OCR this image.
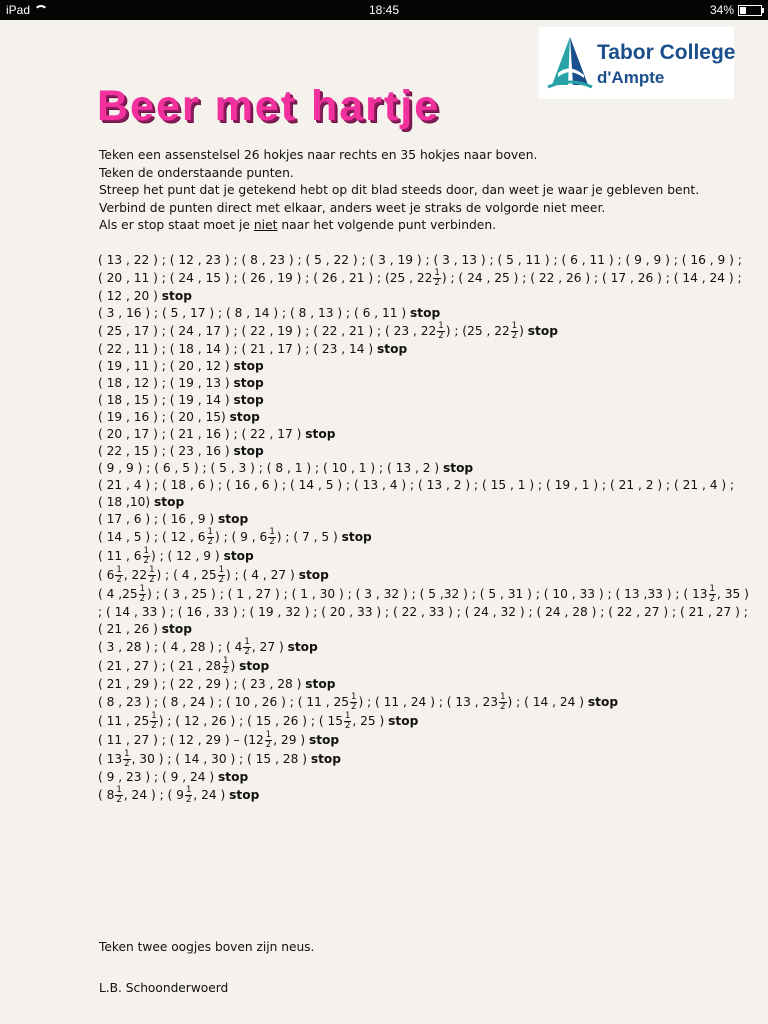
iPad	18:45	34%
Tabor College
d'Ampte
Beer met hartje
Teken een assenstelsel 26 hokjes naar rechts en 35 hokjes naar boven.
Teken de onderstaande punten.
Streep het punt dat je getekend hebt op dit blad steeds door, dan weet je waar je gebleven bent.
Verbind de punten direct met elkaar, anders weet je straks de volgorde niet meer.
Als er stop staat moet je niet naar het volgende punt verbinden.
( 13 , 22 ) ; ( 12 , 23 ) ; ( 8 , 23 ) ; ( 5 , 22 ) ; ( 3 , 19 ) ; ( 3 , 13 ) ; ( 5 , 11 ) ; ( 6 , 11 ) ; ( 9 , 9 ) ; ( 16 , 9 ) ;
( 20 , 11 ) ; ( 24 , 15 ) ; ( 26 , 19 ) ; ( 26 , 21 ) ; (25 , $22 \frac{1}{2}$ ) ; ( 24 , 25 ) ; ( 22 , 26 ) ; ( 17 , 26 ) ; ( 14 , 24 ) ;
( 12 , 20 ) stop
( 3 , 16 ) ; ( 5 , 17 ) ; ( 8 , 14 ) ; ( 8 , 13 ) ; ( 6 , 11 ) stop
( 25 , 17 ) ; ( 24 , 17 ) ; ( 22 , 19 ) ; ( 22 , 21 ) ; ( 23 , $22 \frac{1}{2}$ ) ; (25 , $22 \frac{1}{2}$ ) stop
( 22 , 11 ) ; ( 18 , 14 ) ; ( 21 , 17 ) ; ( 23 , 14 ) stop
( 19 , 11 ) ; ( 20 , 12 ) stop
( 18 , 12 ) ; ( 19 , 13 ) stop
( 18 , 15 ) ; ( 19 , 14 ) stop
( 19 , 16 ) ; ( 20 , 15) stop
( 20 , 17 ) ; ( 21 , 16 ) ; ( 22 , 17 ) stop
( 22 , 15 ) ; ( 23 , 16 ) stop
( 9 , 9 ) ; ( 6 , 5 ) ; ( 5 , 3 ) ; ( 8 , 1 ) ; ( 10 , 1 ) ; ( 13 , 2 ) stop
( 21 , 4 ) ; ( 18 , 6 ) ; ( 16 , 6 ) ; ( 14 , 5 ) ; ( 13 , 4 ) ; ( 13 , 2 ) ; ( 15 , 1 ) ; ( 19 , 1 ) ; ( 21 , 2 ) ; ( 21 , 4 ) ;
( 18 ,10) stop
( 17 , 6 ) ; ( 16 , 9 ) stop
( 14 , 5 ) ; ( 12 , $6 \frac{1}{2}$ ) ; ( 9 , $6 \frac{1}{2}$ ) ; ( 7 , 5 ) stop
( 11 , $6 \frac{1}{2}$ ) ; ( 12 , 9 ) stop
( $6 \frac{1}{2}$ , $22 \frac{1}{2}$ ) ; ( 4 , $25 \frac{1}{2}$ ) ; ( 4 , 27 ) stop
( 4 $,25 \frac{1}{2}$ ) ; ( 3 , 25 ) ; ( 1 , 27 ) ; ( 1 , 30 ) ; ( 3 , 32 ) ; ( 5 ,32 ) ; ( 5 , 31 ) ; ( 10 , 33 ) ; ( 13 ,33 ) ; ( $13 \frac{1}{2}$ , 35 )
; ( 14 , 33 ) ; ( 16 , 33 ) ; ( 19 , 32 ) ; ( 20 , 33 ) ; ( 22 , 33 ) ; ( 24 , 32 ) ; ( 24 , 28 ) ; ( 22 , 27 ) ; ( 21 , 27 ) ;
( 21 , 26 ) stop
( 3 , 28 ) ; ( 4 , 28 ) ; ( $4 \frac{1}{2}$ , 27 ) stop
( 21 , 27 ) ; ( 21 , $28 \frac{1}{2}$ ) stop
( 21 , 29 ) ; ( 22 , 29 ) ; ( 23 , 28 ) stop
( 8 , 23 ) ; ( 8 , 24 ) ; ( 10 , 26 ) ; ( 11 , $25 \frac{1}{2}$ ) ; ( 11 , 24 ) ; ( 13 , $23 \frac{1}{2}$ ) ; ( 14 , 24 ) stop
( 11 , $25 \frac{1}{2}$ ) ; ( 12 , 26 ) ; ( 15 , 26 ) ; ( $15 \frac{1}{2}$ , 25 ) stop
( 11 , 27 ) ; ( 12 , 29 ) – ($12 \frac{1}{2}$ , 29 ) stop
( $13 \frac{1}{2}$ , 30 ) ; ( 14 , 30 ) ; ( 15 , 28 ) stop
( 9 , 23 ) ; ( 9 , 24 ) stop
( $8 \frac{1}{2}$ , 24 ) ; ( $9 \frac{1}{2}$ , 24 ) stop
Teken twee oogjes boven zijn neus.
L.B. Schoonderwoerd
